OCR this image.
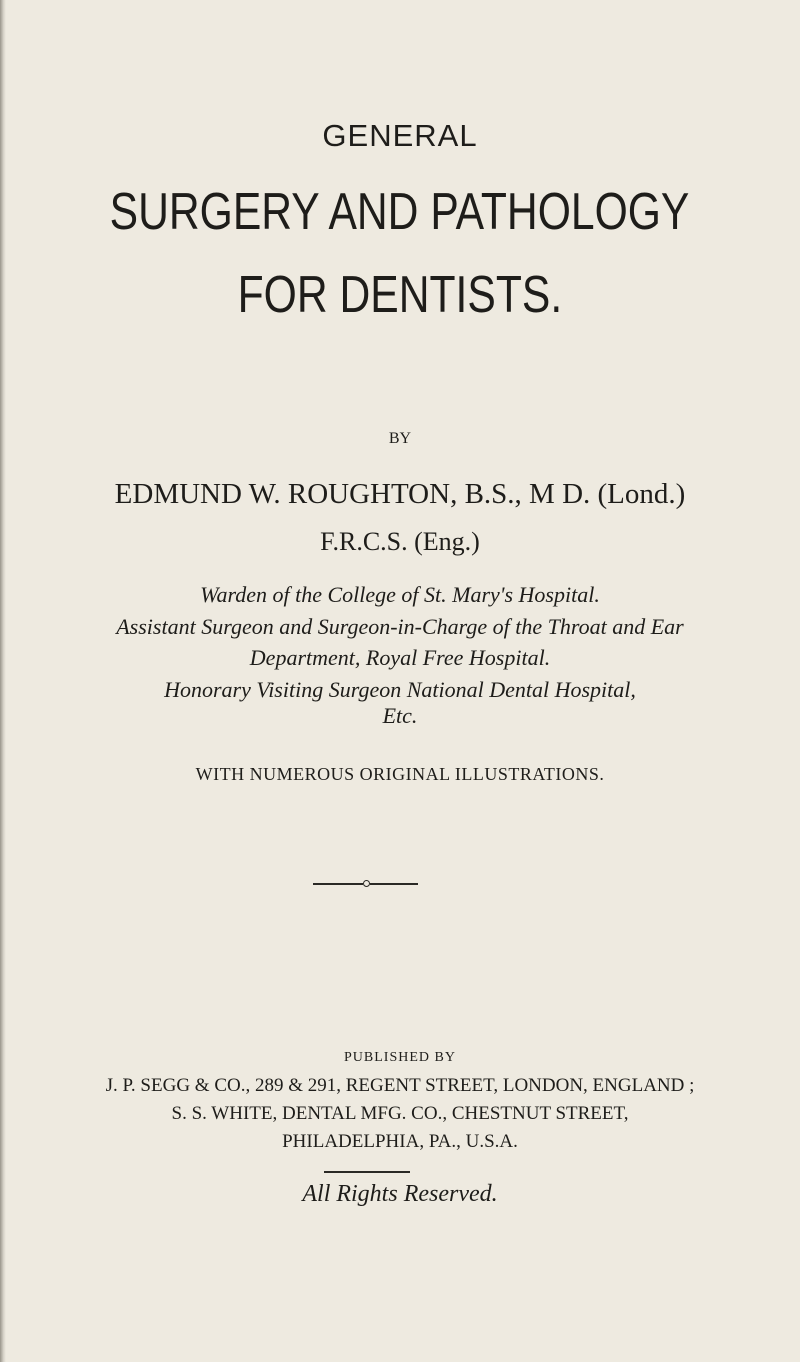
GENERAL
SURGERY AND PATHOLOGY
FOR DENTISTS.
BY
EDMUND W. ROUGHTON, B.S., M D. (Lond.)
F.R.C.S. (Eng.)
Warden of the College of St. Mary's Hospital.
Assistant Surgeon and Surgeon-in-Charge of the Throat and Ear
Department, Royal Free Hospital.
Honorary Visiting Surgeon National Dental Hospital,
Etc.
WITH NUMEROUS ORIGINAL ILLUSTRATIONS.
PUBLISHED BY
J. P. SEGG & CO., 289 & 291, REGENT STREET, LONDON, ENGLAND ;
S. S. WHITE, DENTAL MFG. CO., CHESTNUT STREET,
PHILADELPHIA, PA., U.S.A.
All Rights Reserved.
